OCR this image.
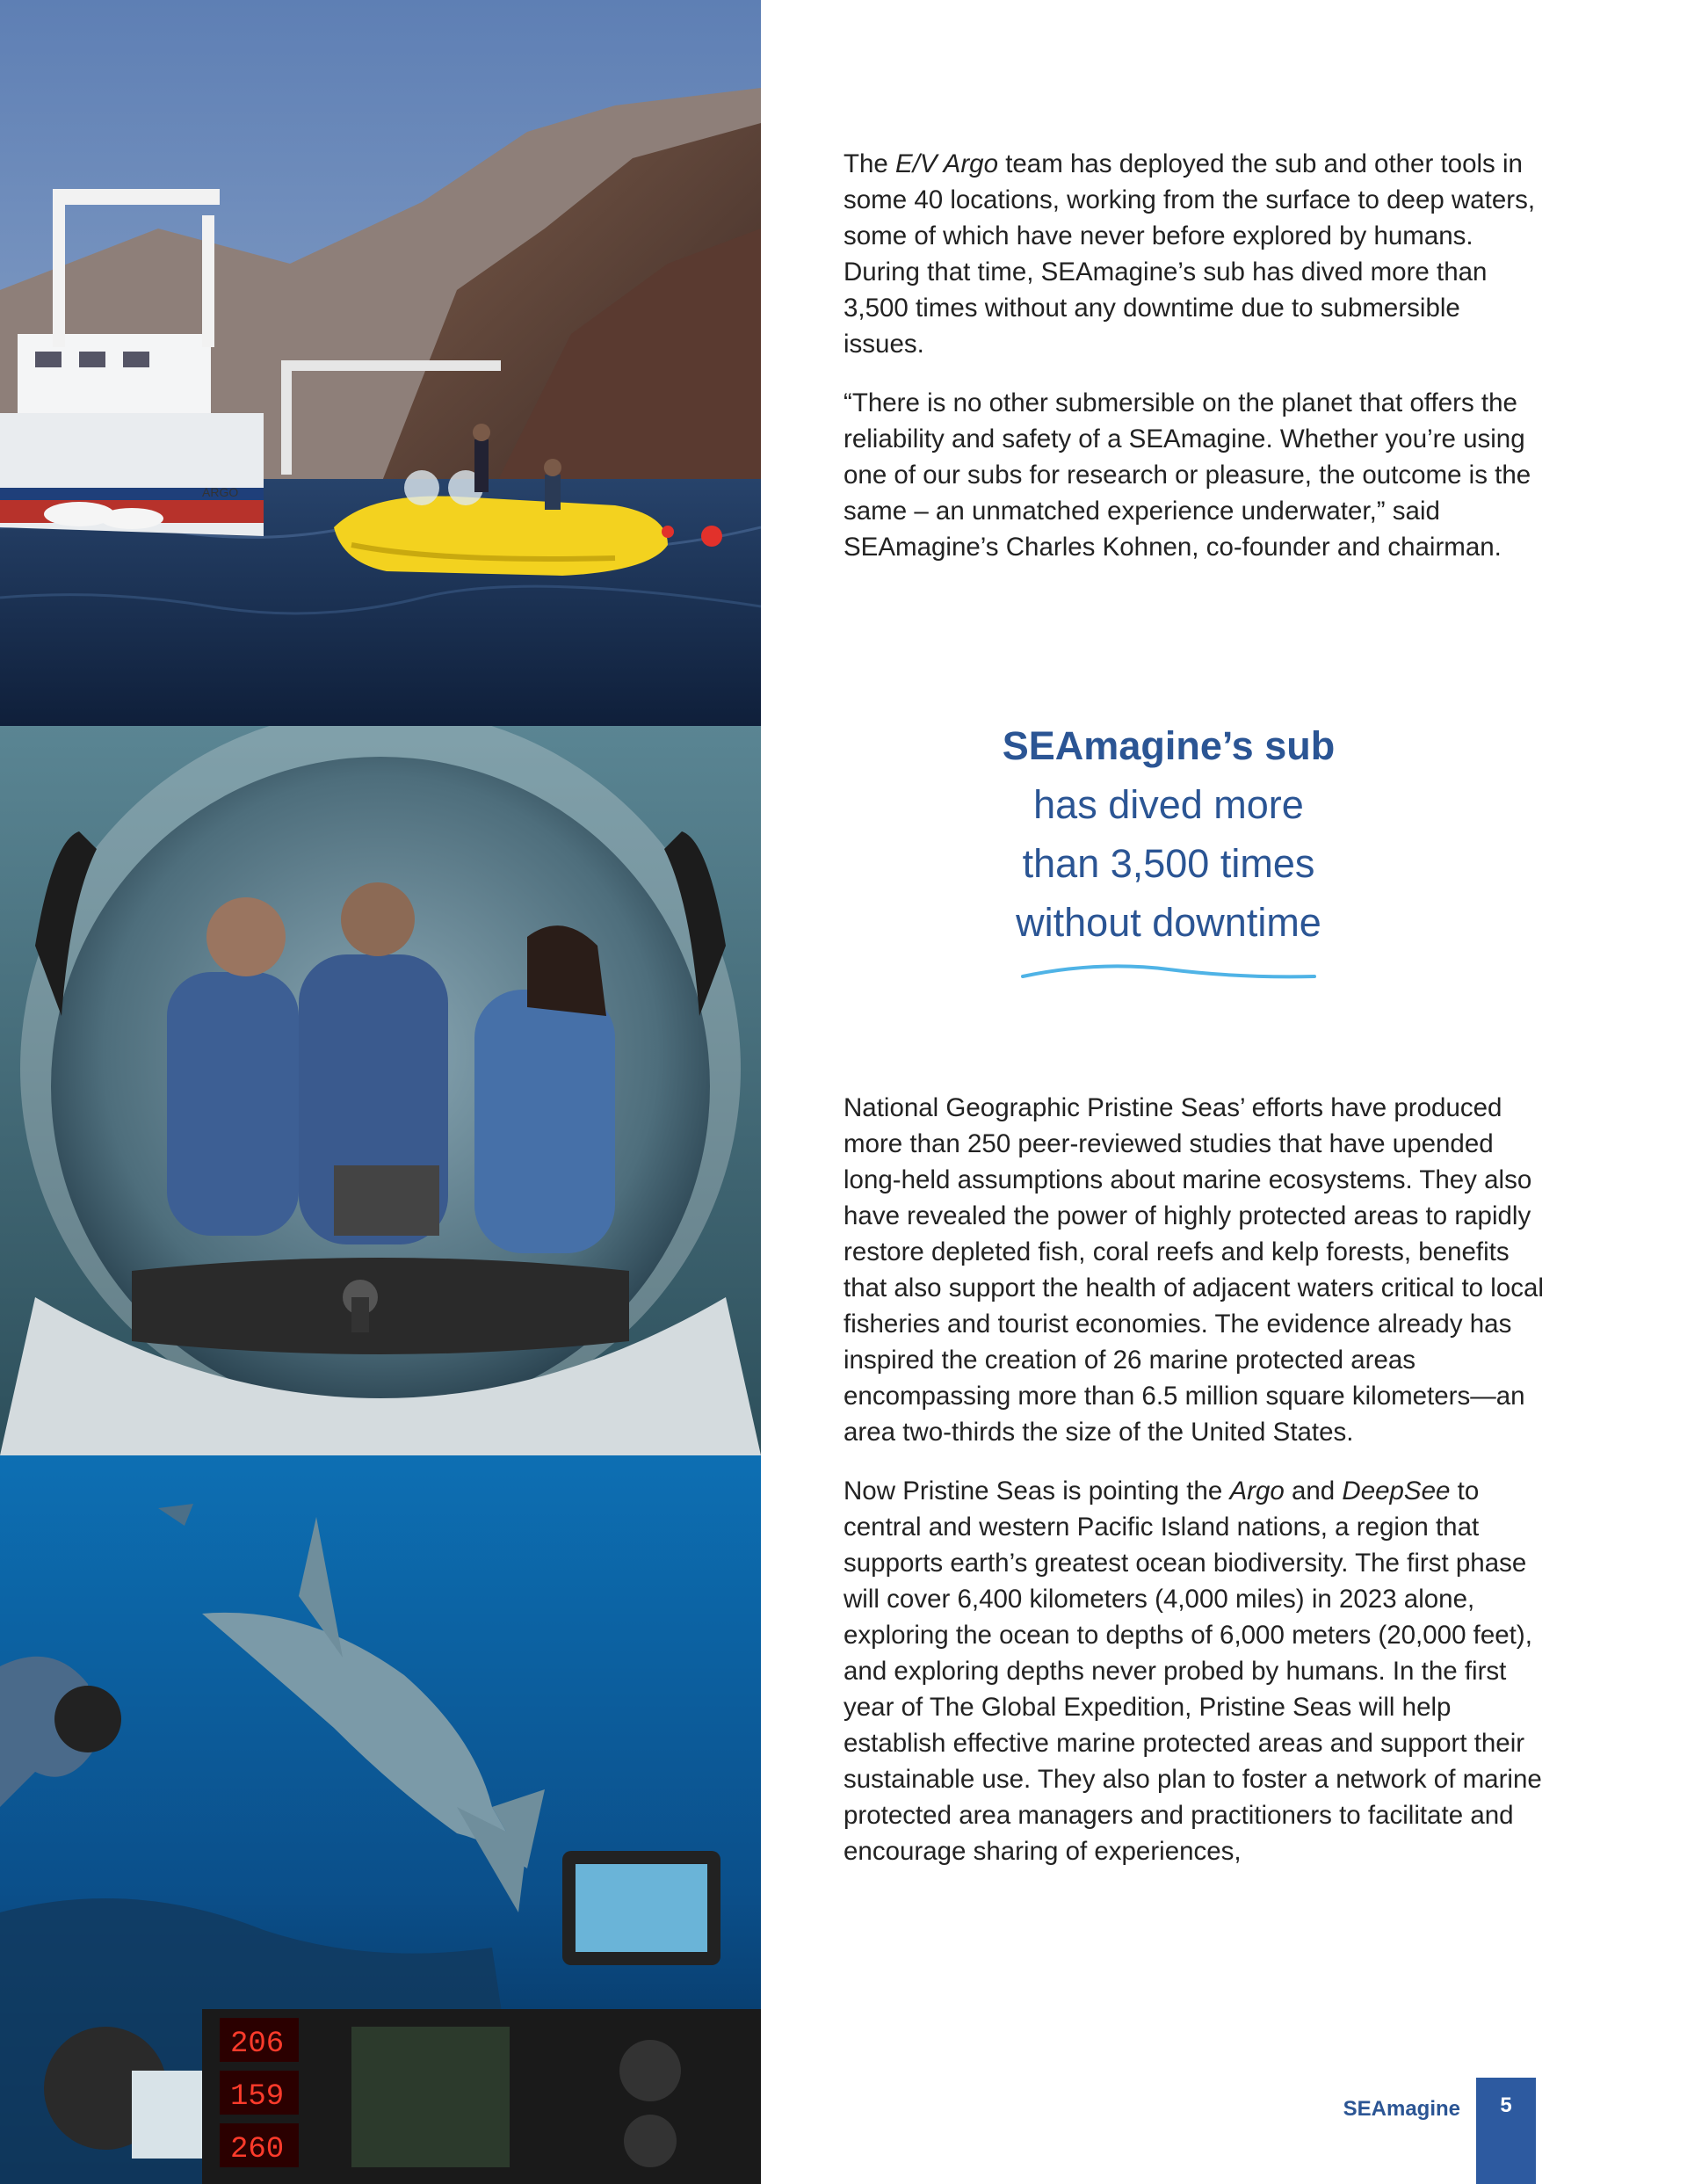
ARGO
206
159
260

The E/V Argo team has deployed the sub and other tools in some 40 locations, working from the surface to deep waters, some of which have never before explored by humans. During that time, SEAmagine’s sub has dived more than 3,500 times without any downtime due to submersible issues.

“There is no other submersible on the planet that offers the reliability and safety of a SEAmagine. Whether you’re using one of our subs for research or pleasure, the outcome is the same – an unmatched experience underwater,” said SEAmagine’s Charles Kohnen, co-founder and chairman.

SEAmagine’s sub
has dived more
than 3,500 times
without downtime

National Geographic Pristine Seas’ efforts have produced more than 250 peer-reviewed studies that have upended long-held assumptions about marine ecosystems. They also have revealed the power of highly protected areas to rapidly restore depleted fish, coral reefs and kelp forests, benefits that also support the health of adjacent waters critical to local fisheries and tourist economies. The evidence already has inspired the creation of 26 marine protected areas encompassing more than 6.5 million square kilometers—an area two-thirds the size of the United States.

Now Pristine Seas is pointing the Argo and DeepSee to central and western Pacific Island nations, a region that supports earth’s greatest ocean biodiversity. The first phase will cover 6,400 kilometers (4,000 miles) in 2023 alone, exploring the ocean to depths of 6,000 meters (20,000 feet), and exploring depths never probed by humans. In the first year of The Global Expedition, Pristine Seas will help establish effective marine protected areas and support their sustainable use. They also plan to foster a network of marine protected area managers and practitioners to facilitate and encourage sharing of experiences,

SEAmagine	5
